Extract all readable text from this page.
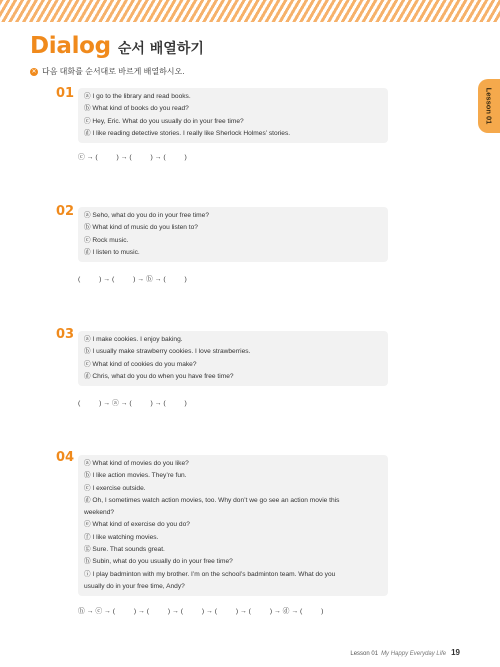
Dialog 순서 배열하기
✕ 다음 대화를 순서대로 바르게 배열하시오.
Lesson 01
01 ⓐ I go to the library and read books.
ⓑ What kind of books do you read?
ⓒ Hey, Eric. What do you usually do in your free time?
ⓓ I like reading detective stories. I really like Sherlock Holmes’ stories.
ⓒ → (          ) → (          ) → (          )
02 ⓐ Seho, what do you do in your free time?
ⓑ What kind of music do you listen to?
ⓒ Rock music.
ⓓ I listen to music.
(          ) → (          ) → ⓑ → (          )
03 ⓐ I make cookies. I enjoy baking.
ⓑ I usually make strawberry cookies. I love strawberries.
ⓒ What kind of cookies do you make?
ⓓ Chris, what do you do when you have free time?
(          ) → ⓐ → (          ) → (          )
04 ⓐ What kind of movies do you like?
ⓑ I like action movies. They’re fun.
ⓒ I exercise outside.
ⓓ Oh, I sometimes watch action movies, too. Why don’t we go see an action movie this
weekend?
ⓔ What kind of exercise do you do?
ⓕ I like watching movies.
ⓖ Sure. That sounds great.
ⓗ Subin, what do you usually do in your free time?
ⓘ I play badminton with my brother. I’m on the school’s badminton team. What do you
usually do in your free time, Andy?
ⓗ → ⓒ → (          ) → (          ) → (          ) → (          ) → (          ) → ⓓ → (          )
Lesson 01 My Happy Everyday Life 19
